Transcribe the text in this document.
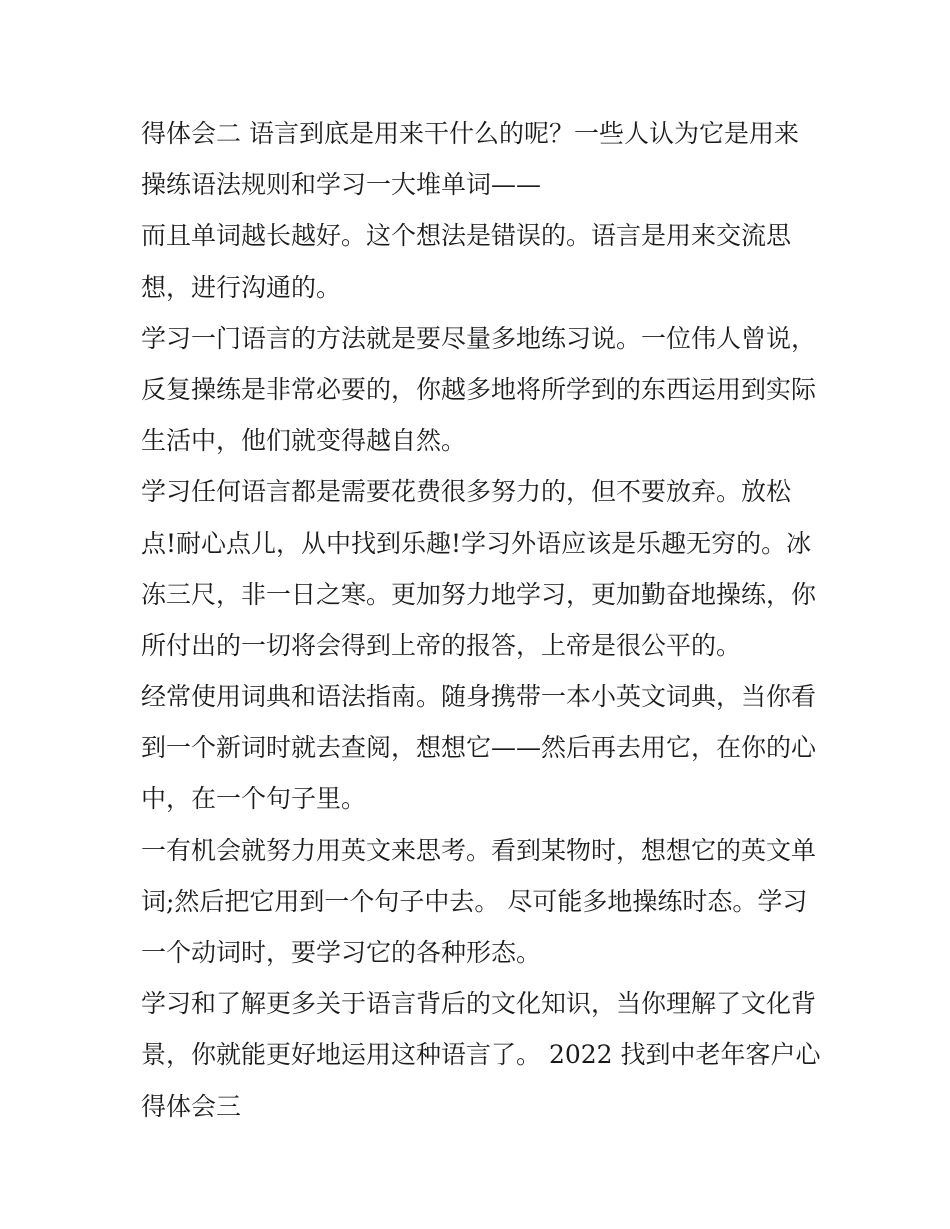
得体会二 语言到底是用来干什么的呢？一些人认为它是用来
操练语法规则和学习一大堆单词——
而且单词越长越好。这个想法是错误的。语言是用来交流思
想，进行沟通的。
学习一门语言的方法就是要尽量多地练习说。一位伟人曾说，
反复操练是非常必要的，你越多地将所学到的东西运用到实际
生活中，他们就变得越自然。
学习任何语言都是需要花费很多努力的，但不要放弃。放松
点!耐心点儿，从中找到乐趣!学习外语应该是乐趣无穷的。冰
冻三尺，非一日之寒。更加努力地学习，更加勤奋地操练，你
所付出的一切将会得到上帝的报答，上帝是很公平的。
经常使用词典和语法指南。随身携带一本小英文词典，当你看
到一个新词时就去查阅，想想它——然后再去用它，在你的心
中，在一个句子里。
一有机会就努力用英文来思考。看到某物时，想想它的英文单
词;然后把它用到一个句子中去。 尽可能多地操练时态。学习
一个动词时，要学习它的各种形态。
学习和了解更多关于语言背后的文化知识，当你理解了文化背
景，你就能更好地运用这种语言了。 2022 找到中老年客户心
得体会三
